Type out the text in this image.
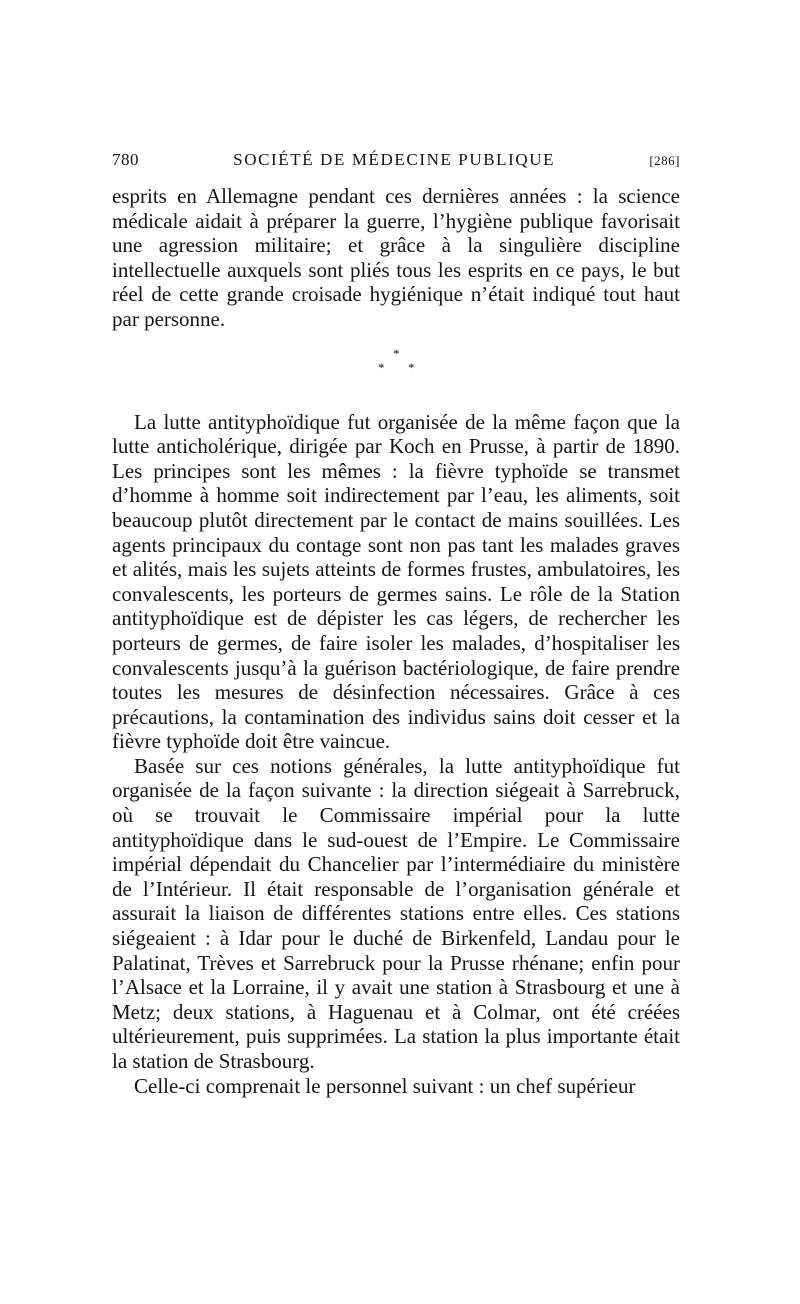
780	SOCIÉTÉ DE MÉDECINE PUBLIQUE	[286]

esprits en Allemagne pendant ces dernières années : la science médicale aidait à préparer la guerre, l’hygiène publique favorisait une agression militaire; et grâce à la singulière discipline intellectuelle auxquels sont pliés tous les esprits en ce pays, le but réel de cette grande croisade hygiénique n’était indiqué tout haut par personne.

*
* *

La lutte antityphoïdique fut organisée de la même façon que la lutte anticholérique, dirigée par Koch en Prusse, à partir de 1890. Les principes sont les mêmes : la fièvre typhoïde se transmet d’homme à homme soit indirectement par l’eau, les aliments, soit beaucoup plutôt directement par le contact de mains souillées. Les agents principaux du contage sont non pas tant les malades graves et alités, mais les sujets atteints de formes frustes, ambulatoires, les convalescents, les porteurs de germes sains. Le rôle de la Station antityphoïdique est de dépister les cas légers, de rechercher les porteurs de germes, de faire isoler les malades, d’hospitaliser les convalescents jusqu’à la guérison bactériologique, de faire prendre toutes les mesures de désinfection nécessaires. Grâce à ces précautions, la contamination des individus sains doit cesser et la fièvre typhoïde doit être vaincue.

Basée sur ces notions générales, la lutte antityphoïdique fut organisée de la façon suivante : la direction siégeait à Sarrebruck, où se trouvait le Commissaire impérial pour la lutte antityphoïdique dans le sud-ouest de l’Empire. Le Commissaire impérial dépendait du Chancelier par l’intermédiaire du ministère de l’Intérieur. Il était responsable de l’organisation générale et assurait la liaison de différentes stations entre elles. Ces stations siégeaient : à Idar pour le duché de Birkenfeld, Landau pour le Palatinat, Trèves et Sarrebruck pour la Prusse rhénane; enfin pour l’Alsace et la Lorraine, il y avait une station à Strasbourg et une à Metz; deux stations, à Haguenau et à Colmar, ont été créées ultérieurement, puis supprimées. La station la plus importante était la station de Strasbourg.

Celle-ci comprenait le personnel suivant : un chef supérieur
